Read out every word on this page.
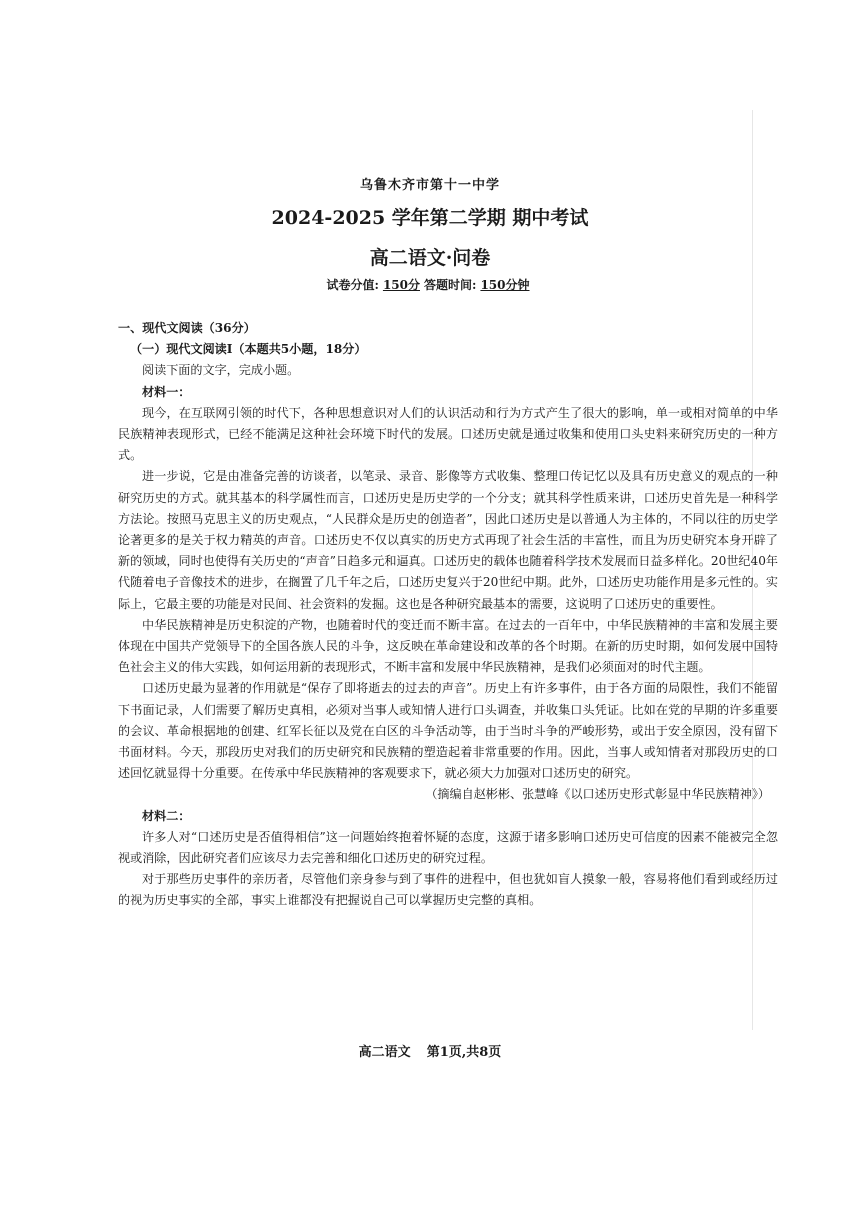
乌鲁木齐市第十一中学
2024-2025 学年第二学期 期中考试
高二语文·问卷
试卷分值: 150分 答题时间: 150分钟

一、现代文阅读（36分）

（一）现代文阅读Ⅰ（本题共5小题，18分）

阅读下面的文字，完成小题。

材料一：

现今，在互联网引领的时代下，各种思想意识对人们的认识活动和行为方式产生了很大的影响，单一或相对简单的中华民族精神表现形式，已经不能满足这种社会环境下时代的发展。口述历史就是通过收集和使用口头史料来研究历史的一种方式。

进一步说，它是由准备完善的访谈者，以笔录、录音、影像等方式收集、整理口传记忆以及具有历史意义的观点的一种研究历史的方式。就其基本的科学属性而言，口述历史是历史学的一个分支；就其科学性质来讲，口述历史首先是一种科学方法论。按照马克思主义的历史观点，“人民群众是历史的创造者”，因此口述历史是以普通人为主体的，不同以往的历史学论著更多的是关于权力精英的声音。口述历史不仅以真实的历史方式再现了社会生活的丰富性，而且为历史研究本身开辟了新的领域，同时也使得有关历史的“声音”日趋多元和逼真。口述历史的载体也随着科学技术发展而日益多样化。20世纪40年代随着电子音像技术的进步，在搁置了几千年之后，口述历史复兴于20世纪中期。此外，口述历史功能作用是多元性的。实际上，它最主要的功能是对民间、社会资料的发掘。这也是各种研究最基本的需要，这说明了口述历史的重要性。

中华民族精神是历史积淀的产物，也随着时代的变迁而不断丰富。在过去的一百年中，中华民族精神的丰富和发展主要体现在中国共产党领导下的全国各族人民的斗争，这反映在革命建设和改革的各个时期。在新的历史时期，如何发展中国特色社会主义的伟大实践，如何运用新的表现形式，不断丰富和发展中华民族精神，是我们必须面对的时代主题。

口述历史最为显著的作用就是“保存了即将逝去的过去的声音”。历史上有许多事件，由于各方面的局限性，我们不能留下书面记录，人们需要了解历史真相，必须对当事人或知情人进行口头调查，并收集口头凭证。比如在党的早期的许多重要的会议、革命根据地的创建、红军长征以及党在白区的斗争活动等，由于当时斗争的严峻形势，或出于安全原因，没有留下书面材料。今天，那段历史对我们的历史研究和民族精的塑造起着非常重要的作用。因此，当事人或知情者对那段历史的口述回忆就显得十分重要。在传承中华民族精神的客观要求下，就必须大力加强对口述历史的研究。

（摘编自赵彬彬、张慧峰《以口述历史形式彰显中华民族精神》）

材料二：

许多人对“口述历史是否值得相信”这一问题始终抱着怀疑的态度，这源于诸多影响口述历史可信度的因素不能被完全忽视或消除，因此研究者们应该尽力去完善和细化口述历史的研究过程。

对于那些历史事件的亲历者，尽管他们亲身参与到了事件的进程中，但也犹如盲人摸象一般，容易将他们看到或经历过的视为历史事实的全部，事实上谁都没有把握说自己可以掌握历史完整的真相。

高二语文 第1页,共8页
